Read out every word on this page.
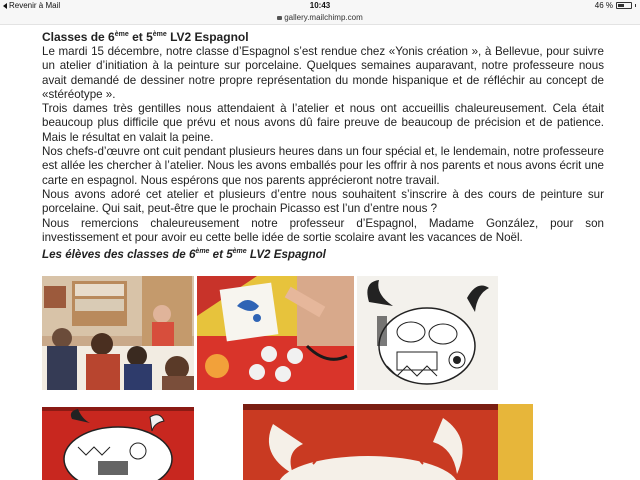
Revenir à Mail	10:43	46 %
gallery.mailchimp.com
Classes de 6ème et 5ème LV2 Espagnol

Le mardi 15 décembre, notre classe d’Espagnol s’est rendue chez «Yonis création », à Bellevue, pour suivre un atelier d’initiation à la peinture sur porcelaine. Quelques semaines auparavant, notre professeure nous avait demandé de dessiner notre propre représentation du monde hispanique et de réfléchir au concept de «stéréotype ».

Trois dames très gentilles nous attendaient à l’atelier et nous ont accueillis chaleureusement. Cela était beaucoup plus difficile que prévu et nous avons dû faire preuve de beaucoup de précision et de patience. Mais le résultat en valait la peine.

Nos chefs-d’œuvre ont cuit pendant plusieurs heures dans un four spécial et, le lendemain, notre professeure est allée les chercher à l’atelier. Nous les avons emballés pour les offrir à nos parents et nous avons écrit une carte en espagnol. Nous espérons que nos parents apprécieront notre travail.

Nous avons adoré cet atelier et plusieurs d’entre nous souhaitent s’inscrire à des cours de peinture sur porcelaine. Qui sait, peut-être que le prochain Picasso est l’un d’entre nous ?

Nous remercions chaleureusement notre professeur d’Espagnol, Madame González, pour son investissement et pour avoir eu cette belle idée de sortie scolaire avant les vacances de Noël.

Les élèves des classes de 6ème et 5ème LV2 Espagnol
